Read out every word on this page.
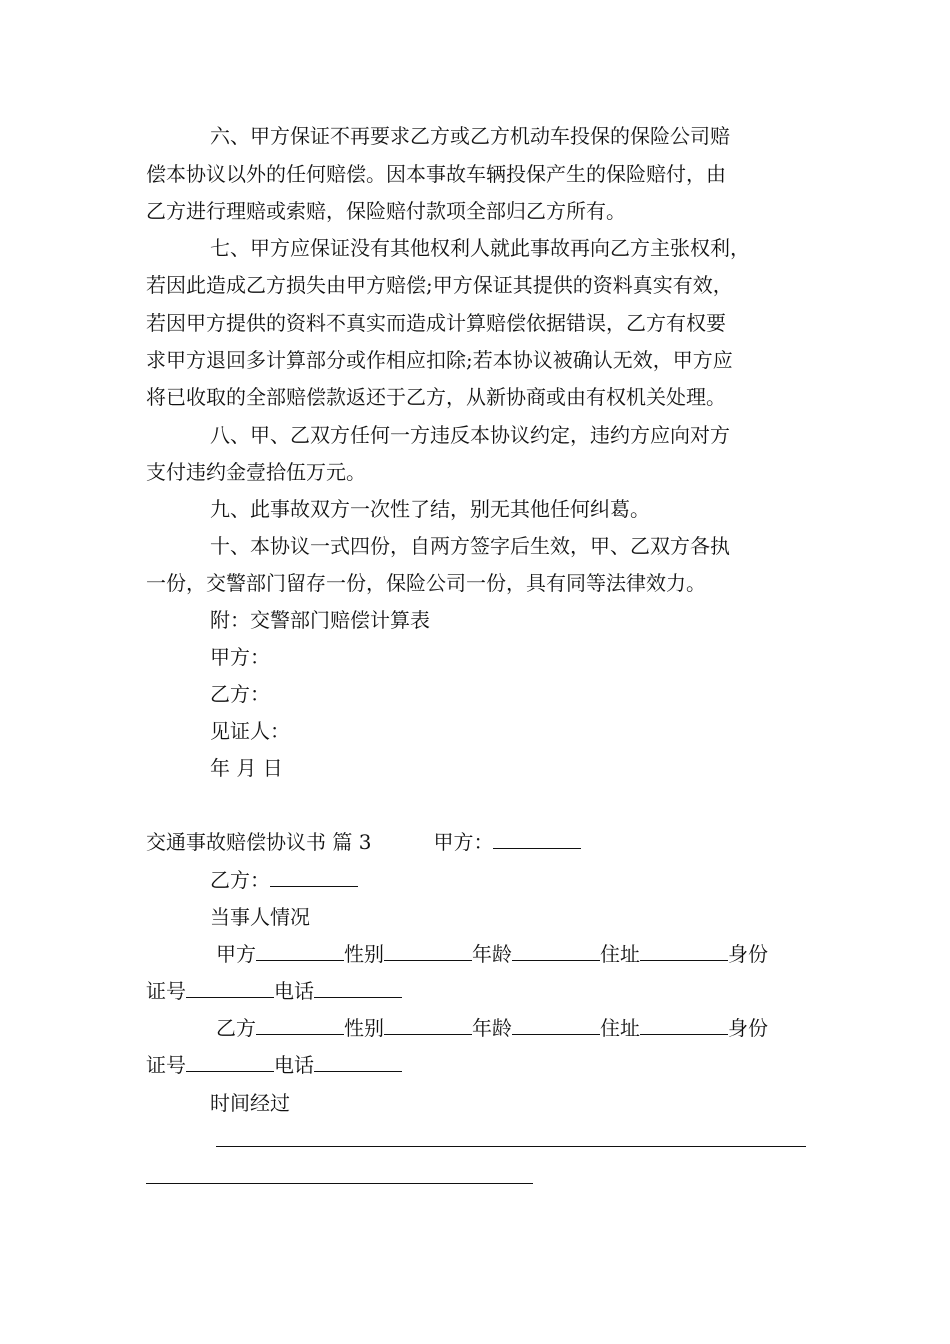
六、甲方保证不再要求乙方或乙方机动车投保的保险公司赔
偿本协议以外的任何赔偿。因本事故车辆投保产生的保险赔付，由
乙方进行理赔或索赔，保险赔付款项全部归乙方所有。
七、甲方应保证没有其他权利人就此事故再向乙方主张权利，
若因此造成乙方损失由甲方赔偿;甲方保证其提供的资料真实有效，
若因甲方提供的资料不真实而造成计算赔偿依据错误，乙方有权要
求甲方退回多计算部分或作相应扣除;若本协议被确认无效，甲方应
将已收取的全部赔偿款返还于乙方，从新协商或由有权机关处理。
八、甲、乙双方任何一方违反本协议约定，违约方应向对方
支付违约金壹拾伍万元。
九、此事故双方一次性了结，别无其他任何纠葛。
十、本协议一式四份，自两方签字后生效，甲、乙双方各执
一份，交警部门留存一份，保险公司一份，具有同等法律效力。
附：交警部门赔偿计算表
甲方：
乙方：
见证人：
年 月 日
交通事故赔偿协议书 篇 3	甲方：
乙方：
当事人情况
甲方	性别	年龄	住址	身份
证号	电话
乙方	性别	年龄	住址	身份
证号	电话
时间经过
